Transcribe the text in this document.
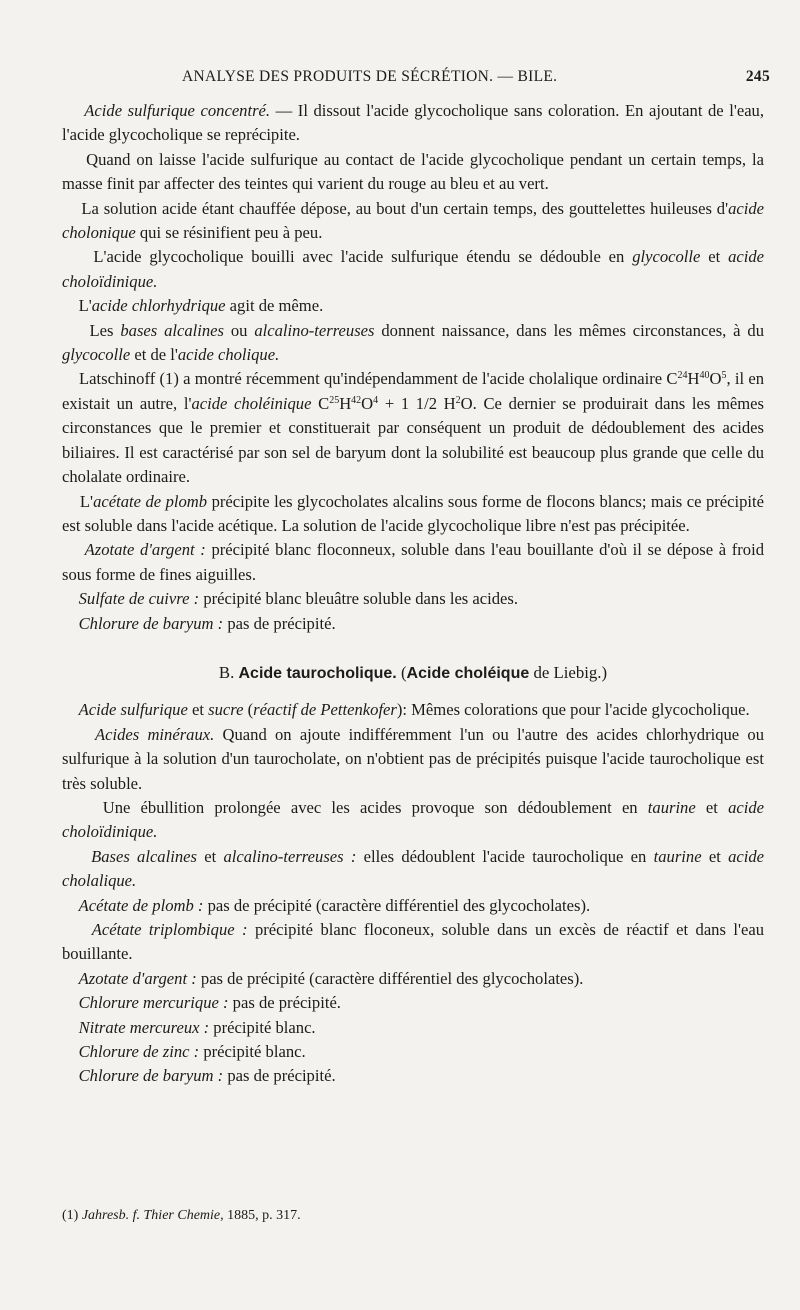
ANALYSE DES PRODUITS DE SÉCRÉTION. — BILE.	245

Acide sulfurique concentré. — Il dissout l'acide glycocholique sans coloration. En ajoutant de l'eau, l'acide glycocholique se reprécipite.

Quand on laisse l'acide sulfurique au contact de l'acide glycocholique pendant un certain temps, la masse finit par affecter des teintes qui varient du rouge au bleu et au vert.

La solution acide étant chauffée dépose, au bout d'un certain temps, des gouttelettes huileuses d'acide cholonique qui se résinifient peu à peu.

L'acide glycocholique bouilli avec l'acide sulfurique étendu se dédouble en glycocolle et acide choloïdinique.

L'acide chlorhydrique agit de même.

Les bases alcalines ou alcalino-terreuses donnent naissance, dans les mêmes circonstances, à du glycocolle et de l'acide cholique.

Latschinoff (1) a montré récemment qu'indépendamment de l'acide cholalique ordinaire $C^{24}H^{40}O^5$, il en existait un autre, l'acide choléinique $C^{25}H^{42}O^4 + 1$ 1/2 $H^2O$. Ce dernier se produirait dans les mêmes circonstances que le premier et constituerait par conséquent un produit de dédoublement des acides biliaires. Il est caractérisé par son sel de baryum dont la solubilité est beaucoup plus grande que celle du cholalate ordinaire.

L'acétate de plomb précipite les glycocholates alcalins sous forme de flocons blancs; mais ce précipité est soluble dans l'acide acétique. La solution de l'acide glycocholique libre n'est pas précipitée.

Azotate d'argent : précipité blanc floconneux, soluble dans l'eau bouillante d'où il se dépose à froid sous forme de fines aiguilles.

Sulfate de cuivre : précipité blanc bleuâtre soluble dans les acides.

Chlorure de baryum : pas de précipité.

B. Acide taurocholique. (Acide choléique de Liebig.)

Acide sulfurique et sucre (réactif de Pettenkofer): Mêmes colorations que pour l'acide glycocholique.

Acides minéraux. Quand on ajoute indifféremment l'un ou l'autre des acides chlorhydrique ou sulfurique à la solution d'un taurocholate, on n'obtient pas de précipités puisque l'acide taurocholique est très soluble.

Une ébullition prolongée avec les acides provoque son dédoublement en taurine et acide choloïdinique.

Bases alcalines et alcalino-terreuses : elles dédoublent l'acide taurocholique en taurine et acide cholalique.

Acétate de plomb : pas de précipité (caractère différentiel des glycocholates).

Acétate triplombique : précipité blanc floconeux, soluble dans un excès de réactif et dans l'eau bouillante.

Azotate d'argent : pas de précipité (caractère différentiel des glycocholates).

Chlorure mercurique : pas de précipité.

Nitrate mercureux : précipité blanc.

Chlorure de zinc : précipité blanc.

Chlorure de baryum : pas de précipité.

(1) Jahresb. f. Thier Chemie, 1885, p. 317.
